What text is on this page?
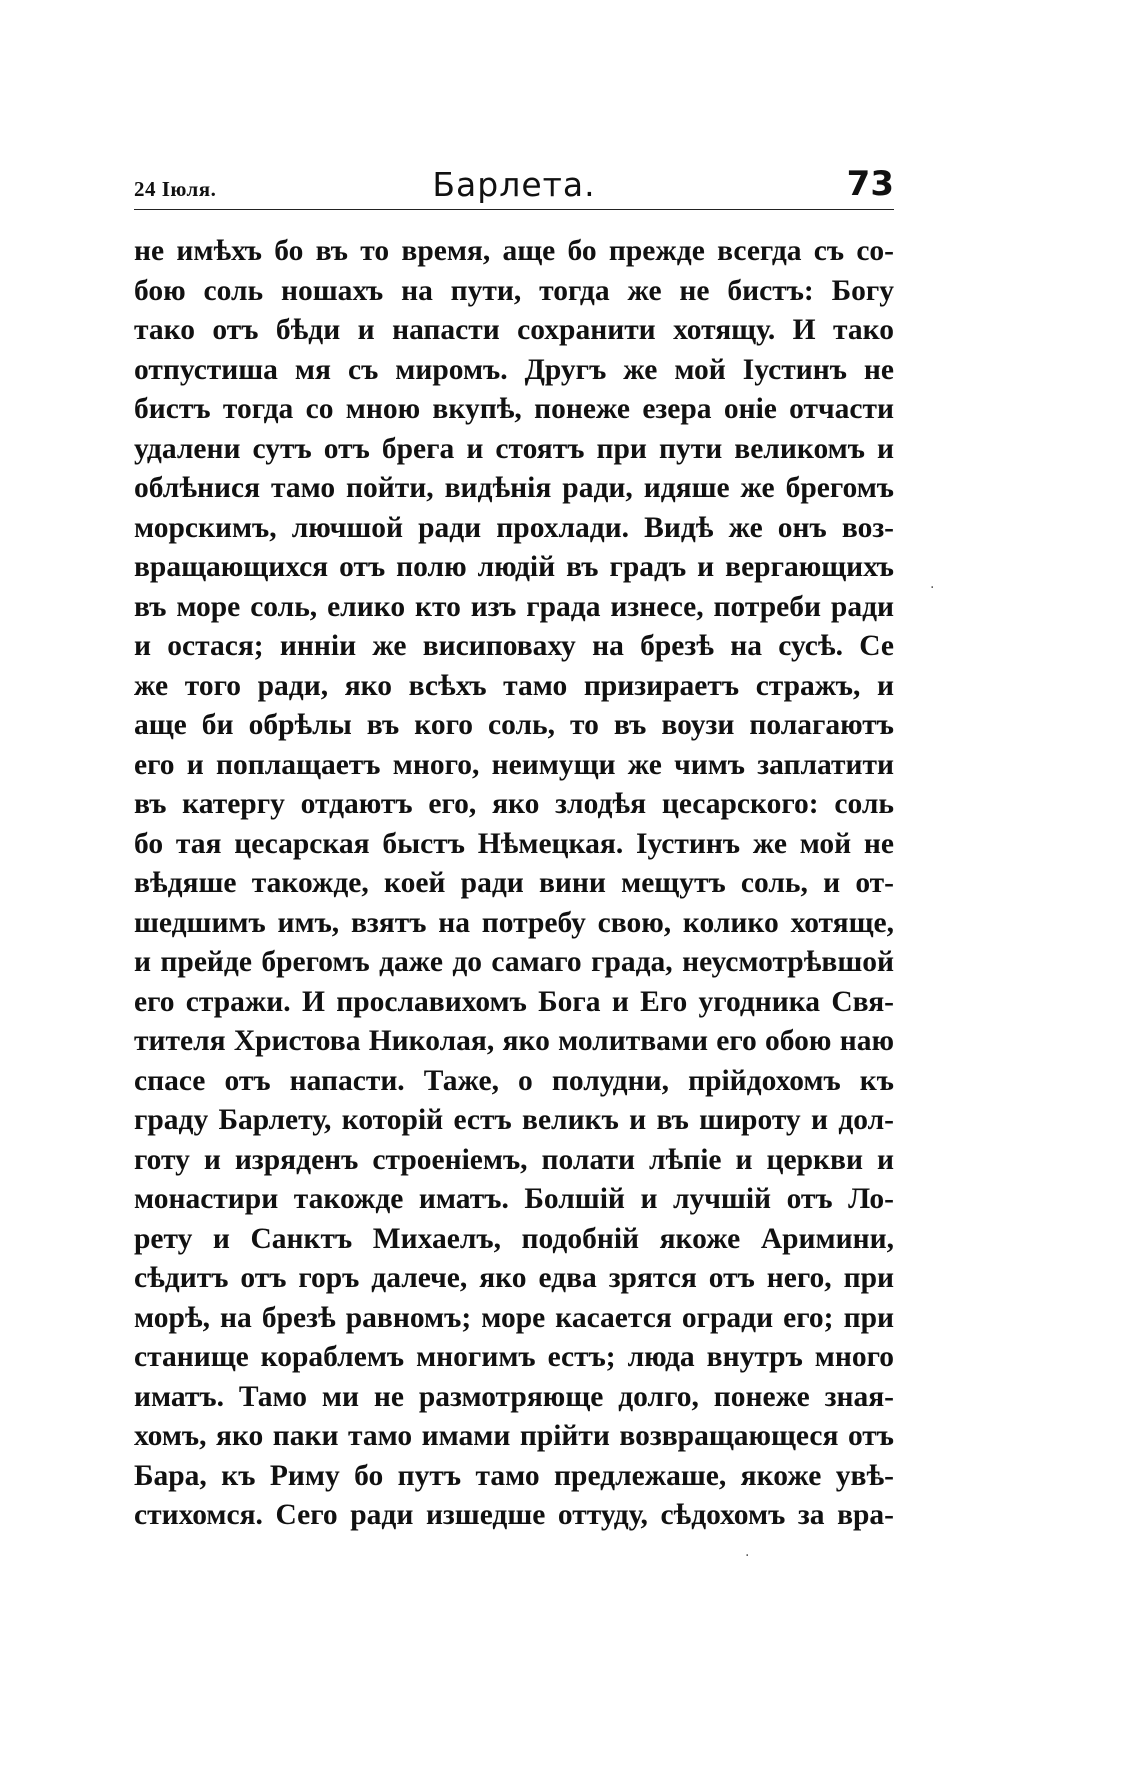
24 Іюля.	Барлета.	73
не имѣхъ бо въ то время, аще бо прежде всегда съ со-
бою соль ношахъ на пути, тогда же не бистъ: Богу
тако отъ бѣди и напасти сохранити хотящу. И тако
отпустиша мя съ миромъ. Другъ же мой Іустинъ не
бистъ тогда со мною вкупѣ, понеже езера оніе отчасти
удалени сутъ отъ брега и стоятъ при пути великомъ и
облѣнися тамо пойти, видѣнія ради, идяше же брегомъ
морскимъ, лючшой ради прохлади. Видѣ же онъ воз-
вращающихся отъ полю людій въ градъ и вергающихъ
въ море соль, елико кто изъ града изнесе, потреби ради
и остася; инніи же висиповаху на брезѣ на сусѣ. Се
же того ради, яко всѣхъ тамо призираетъ стражъ, и
аще би обрѣлы въ кого соль, то въ воузи полагаютъ
его и поплащаетъ много, неимущи же чимъ заплатити
въ катергу отдаютъ его, яко злодѣя цесарского: соль
бо тая цесарская быстъ Нѣмецкая. Іустинъ же мой не
вѣдяше такожде, коей ради вини мещутъ соль, и от-
шедшимъ имъ, взятъ на потребу свою, колико хотяще,
и прейде брегомъ даже до самаго града, неусмотрѣвшой
его стражи. И прославихомъ Бога и Его угодника Свя-
тителя Христова Николая, яко молитвами его обою наю
спасе отъ напасти. Таже, о полудни, прійдохомъ къ
граду Барлету, которій естъ великъ и въ широту и дол-
готу и изряденъ строеніемъ, полати лѣпіе и церкви и
монастири такожде иматъ. Болшій и лучшій отъ Ло-
рету и Санктъ Михаелъ, подобній якоже Аримини,
сѣдитъ отъ горъ далече, яко едва зрятся отъ него, при
морѣ, на брезѣ равномъ; море касается огради его; при
станище кораблемъ многимъ естъ; люда внутръ много
иматъ. Тамо ми не размотряюще долго, понеже зная-
хомъ, яко паки тамо имами прійти возвращающеся отъ
Бара, къ Риму бо путъ тамо предлежаше, якоже увѣ-
стихомся. Сего ради изшедше оттуду, сѣдохомъ за вра-
·
·
